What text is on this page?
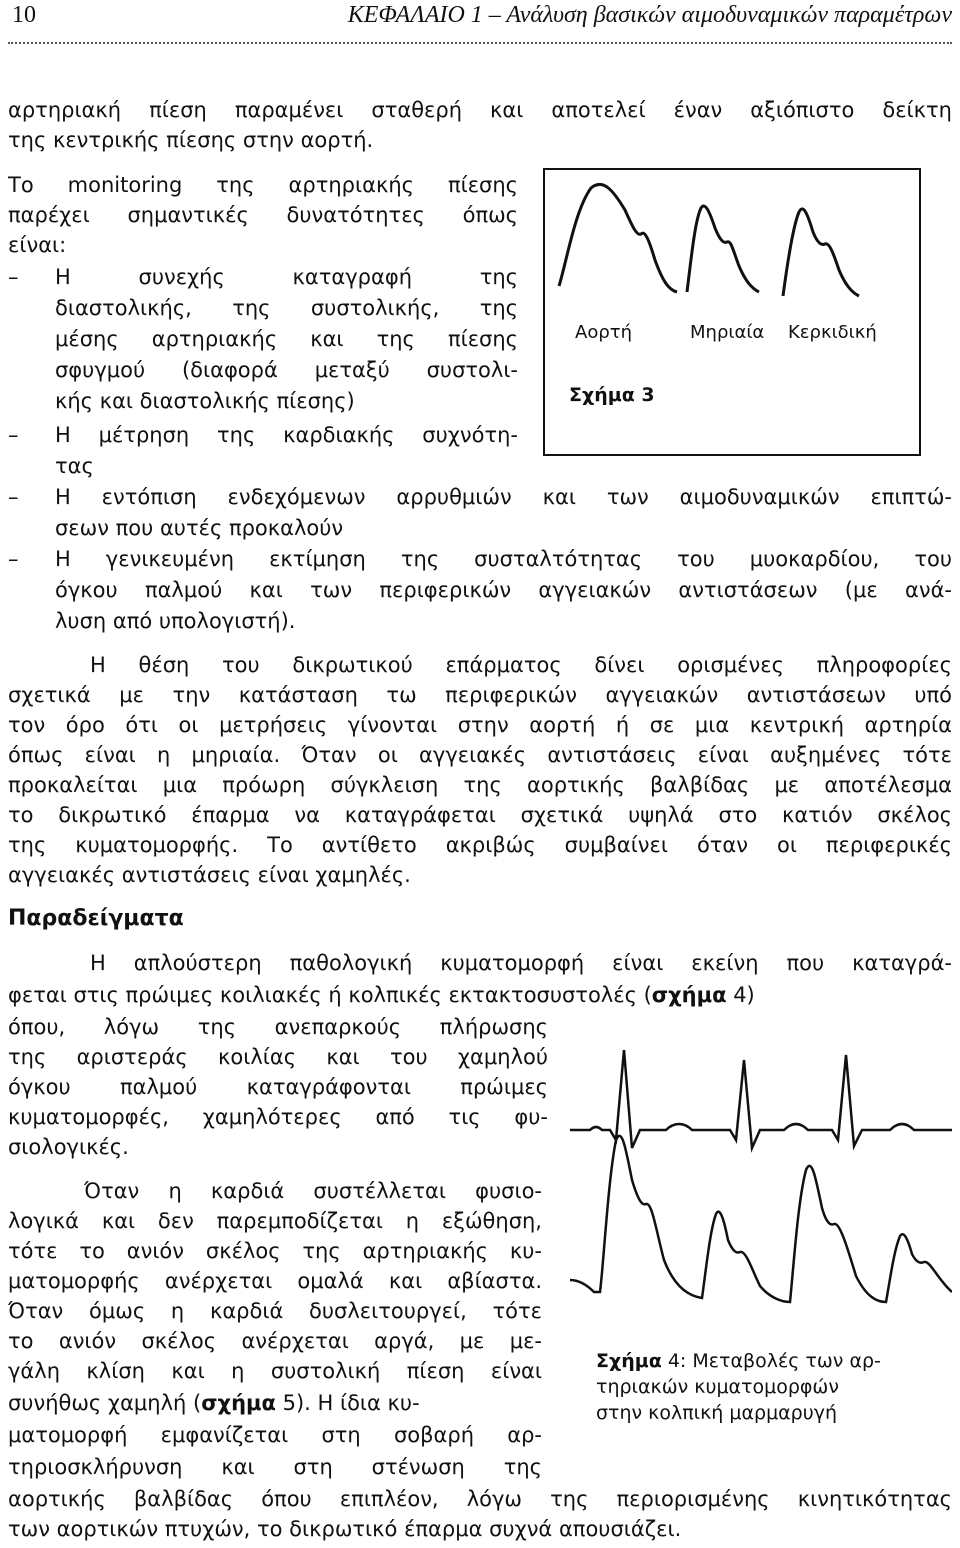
10	ΚΕΦΑΛΑΙΟ 1 – Ανάλυση βασικών αιμοδυναμικών παραμέτρων
αρτηριακή πίεση παραμένει σταθερή και αποτελεί έναν αξιόπιστο δείκτη
της κεντρικής πίεσης στην αορτή.
Το monitoring της αρτηριακής πίεσης
παρέχει σημαντικές δυνατότητες όπως
είναι:
–	Η συνεχής καταγραφή της
διαστολικής, της συστολικής, της
μέσης αρτηριακής και της πίεσης
σφυγμού (διαφορά μεταξύ συστολι-
κής και διαστολικής πίεσης)
–	Η μέτρηση της καρδιακής συχνότη-
τας
–	Η εντόπιση ενδεχόμενων αρρυθμιών και των αιμοδυναμικών επιπτώ-
σεων που αυτές προκαλούν
–	Η γενικευμένη εκτίμηση της συσταλτότητας του μυοκαρδίου, του
όγκου παλμού και των περιφερικών αγγειακών αντιστάσεων (με ανά-
λυση από υπολογιστή).
Αορτή	Μηριαία Κερκιδική
Σχήμα 3
Η θέση του δικρωτικού επάρματος δίνει ορισμένες πληροφορίες
σχετικά με την κατάσταση τω περιφερικών αγγειακών αντιστάσεων υπό
τον όρο ότι οι μετρήσεις γίνονται στην αορτή ή σε μια κεντρική αρτηρία
όπως είναι η μηριαία. Όταν οι αγγειακές αντιστάσεις είναι αυξημένες τότε
προκαλείται μια πρόωρη σύγκλειση της αορτικής βαλβίδας με αποτέλεσμα
το δικρωτικό έπαρμα να καταγράφεται σχετικά υψηλά στο κατιόν σκέλος
της κυματομορφής. Το αντίθετο ακριβώς συμβαίνει όταν οι περιφερικές
αγγειακές αντιστάσεις είναι χαμηλές.
Παραδείγματα
Η απλούστερη παθολογική κυματομορφή είναι εκείνη που καταγρά-
φεται στις πρώιμες κοιλιακές ή κολπικές εκτακτοσυστολές (σχήμα 4)
όπου, λόγω της ανεπαρκούς πλήρωσης
της αριστεράς κοιλίας και του χαμηλού
όγκου παλμού καταγράφονται πρώιμες
κυματομορφές, χαμηλότερες από τις φυ-
σιολογικές.
Όταν η καρδιά συστέλλεται φυσιο-
λογικά και δεν παρεμποδίζεται η εξώθηση,
τότε το ανιόν σκέλος της αρτηριακής κυ-
ματομορφής ανέρχεται ομαλά και αβίαστα.
Όταν όμως η καρδιά δυσλειτουργεί, τότε
το ανιόν σκέλος ανέρχεται αργά, με με-
γάλη κλίση και η συστολική πίεση είναι
συνήθως χαμηλή (σχήμα 5). Η ίδια κυ-
ματομορφή εμφανίζεται στη σοβαρή αρ-
τηριοσκλήρυνση και στη στένωση της
αορτικής βαλβίδας όπου επιπλέον, λόγω της περιορισμένης κινητικότητας
των αορτικών πτυχών, το δικρωτικό έπαρμα συχνά απουσιάζει.
Σχήμα 4: Μεταβολές των αρ-
τηριακών κυματομορφών
στην κολπική μαρμαρυγή
